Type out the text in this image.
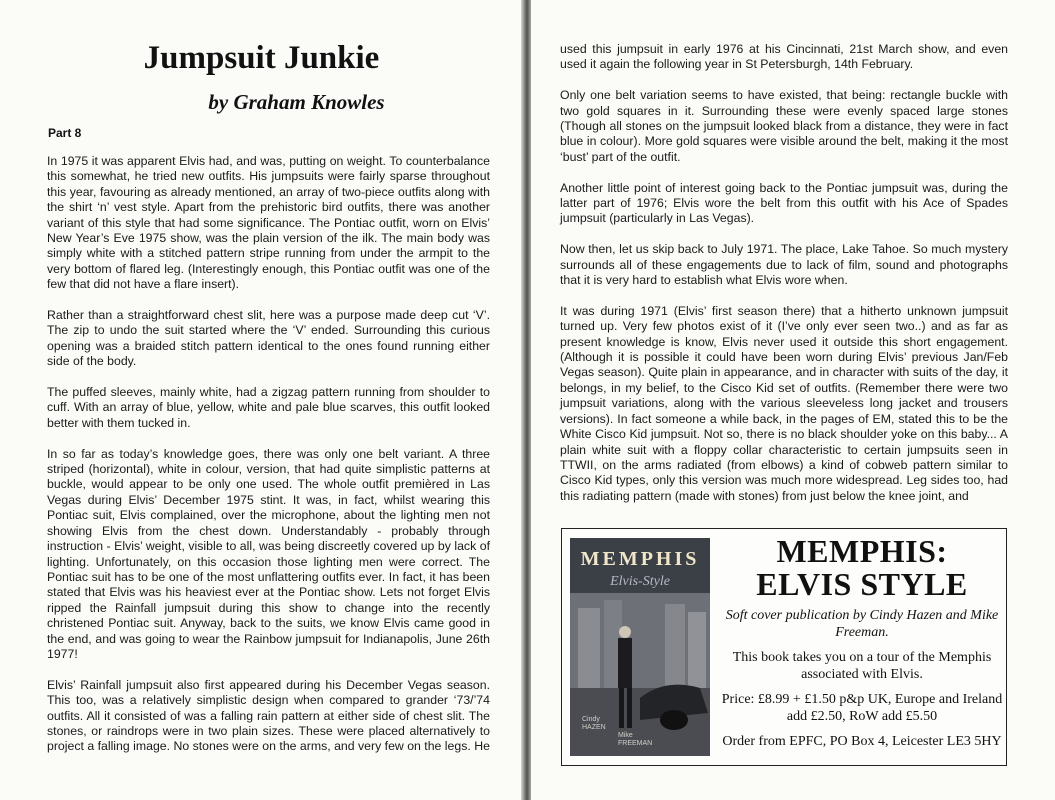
Jumpsuit Junkie
by Graham Knowles
Part 8

In 1975 it was apparent Elvis had, and was, putting on weight. To counterbalance this somewhat, he tried new outfits. His jumpsuits were fairly sparse throughout this year, favouring as already mentioned, an array of two-piece outfits along with the shirt ‘n’ vest style. Apart from the prehistoric bird outfits, there was another variant of this style that had some significance. The Pontiac outfit, worn on Elvis’ New Year’s Eve 1975 show, was the plain version of the ilk. The main body was simply white with a stitched pattern stripe running from under the armpit to the very bottom of flared leg. (Interestingly enough, this Pontiac outfit was one of the few that did not have a flare insert).

Rather than a straightforward chest slit, here was a purpose made deep cut ‘V’. The zip to undo the suit started where the ‘V’ ended. Surrounding this curious opening was a braided stitch pattern identical to the ones found running either side of the body.

The puffed sleeves, mainly white, had a zigzag pattern running from shoulder to cuff. With an array of blue, yellow, white and pale blue scarves, this outfit looked better with them tucked in.

In so far as today’s knowledge goes, there was only one belt variant. A three striped (horizontal), white in colour, version, that had quite simplistic patterns at buckle, would appear to be only one used. The whole outfit premièred in Las Vegas during Elvis’ December 1975 stint. It was, in fact, whilst wearing this Pontiac suit, Elvis complained, over the microphone, about the lighting men not showing Elvis from the chest down. Understandably - probably through instruction - Elvis’ weight, visible to all, was being discreetly covered up by lack of lighting. Unfortunately, on this occasion those lighting men were correct. The Pontiac suit has to be one of the most unflattering outfits ever. In fact, it has been stated that Elvis was his heaviest ever at the Pontiac show. Lets not forget Elvis ripped the Rainfall jumpsuit during this show to change into the recently christened Pontiac suit. Anyway, back to the suits, we know Elvis came good in the end, and was going to wear the Rainbow jumpsuit for Indianapolis, June 26th 1977!

Elvis’ Rainfall jumpsuit also first appeared during his December Vegas season. This too, was a relatively simplistic design when compared to grander ‘73/’74 outfits. All it consisted of was a falling rain pattern at either side of chest slit. The stones, or raindrops were in two plain sizes. These were placed alternatively to project a falling image. No stones were on the arms, and very few on the legs. He

used this jumpsuit in early 1976 at his Cincinnati, 21st March show, and even used it again the following year in St Petersburgh, 14th February.

Only one belt variation seems to have existed, that being: rectangle buckle with two gold squares in it. Surrounding these were evenly spaced large stones (Though all stones on the jumpsuit looked black from a distance, they were in fact blue in colour). More gold squares were visible around the belt, making it the most ‘bust’ part of the outfit.

Another little point of interest going back to the Pontiac jumpsuit was, during the latter part of 1976; Elvis wore the belt from this outfit with his Ace of Spades jumpsuit (particularly in Las Vegas).

Now then, let us skip back to July 1971. The place, Lake Tahoe. So much mystery surrounds all of these engagements due to lack of film, sound and photographs that it is very hard to establish what Elvis wore when.

It was during 1971 (Elvis’ first season there) that a hitherto unknown jumpsuit turned up. Very few photos exist of it (I’ve only ever seen two..) and as far as present knowledge is know, Elvis never used it outside this short engagement. (Although it is possible it could have been worn during Elvis’ previous Jan/Feb Vegas season). Quite plain in appearance, and in character with suits of the day, it belongs, in my belief, to the Cisco Kid set of outfits. (Remember there were two jumpsuit variations, along with the various sleeveless long jacket and trousers versions). In fact someone a while back, in the pages of EM, stated this to be the White Cisco Kid jumpsuit. Not so, there is no black shoulder yoke on this baby... A plain white suit with a floppy collar characteristic to certain jumpsuits seen in TTWII, on the arms radiated (from elbows) a kind of cobweb pattern similar to Cisco Kid types, only this version was much more widespread. Leg sides too, had this radiating pattern (made with stones) from just below the knee joint, and

MEMPHIS
Elvis-Style
Cindy
HAZEN
Mike
FREEMAN
MEMPHIS:
ELVIS STYLE
Soft cover publication by Cindy Hazen and Mike Freeman.
This book takes you on a tour of the Memphis associated with Elvis.
Price: £8.99 + £1.50 p&p UK, Europe and Ireland add £2.50, RoW add £5.50
Order from EPFC, PO Box 4, Leicester LE3 5HY
